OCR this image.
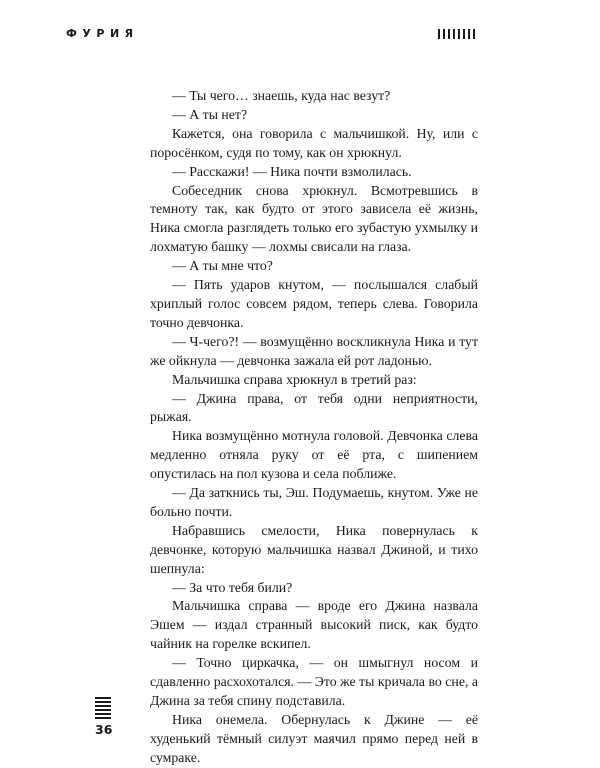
ФУРИЯ

— Ты чего… знаешь, куда нас везут?

— А ты нет?

Кажется, она говорила с мальчишкой. Ну, или с поросёнком, судя по тому, как он хрюкнул.

— Расскажи! — Ника почти взмолилась.

Собеседник снова хрюкнул. Всмотревшись в темноту так, как будто от этого зависела её жизнь, Ника смогла разглядеть только его зубастую ухмылку и лохматую башку — лохмы свисали на глаза.

— А ты мне что?

— Пять ударов кнутом, — послышался слабый хриплый голос совсем рядом, теперь слева. Говорила точно девчонка.

— Ч-чего?! — возмущённо воскликнула Ника и тут же ойкнула — девчонка зажала ей рот ладонью.

Мальчишка справа хрюкнул в третий раз:

— Джина права, от тебя одни неприятности, рыжая.

Ника возмущённо мотнула головой. Девчонка слева медленно отняла руку от её рта, с шипением опустилась на пол кузова и села поближе.

— Да заткнись ты, Эш. Подумаешь, кнутом. Уже не больно почти.

Набравшись смелости, Ника повернулась к девчонке, которую мальчишка назвал Джиной, и тихо шепнула:

— За что тебя били?

Мальчишка справа — вроде его Джина назвала Эшем — издал странный высокий писк, как будто чайник на горелке вскипел.

— Точно циркачка, — он шмыгнул носом и сдавленно расхохотался. — Это же ты кричала во сне, а Джина за тебя спину подставила.

Ника онемела. Обернулась к Джине — её худенький тёмный силуэт маячил прямо перед ней в сумраке.

36
